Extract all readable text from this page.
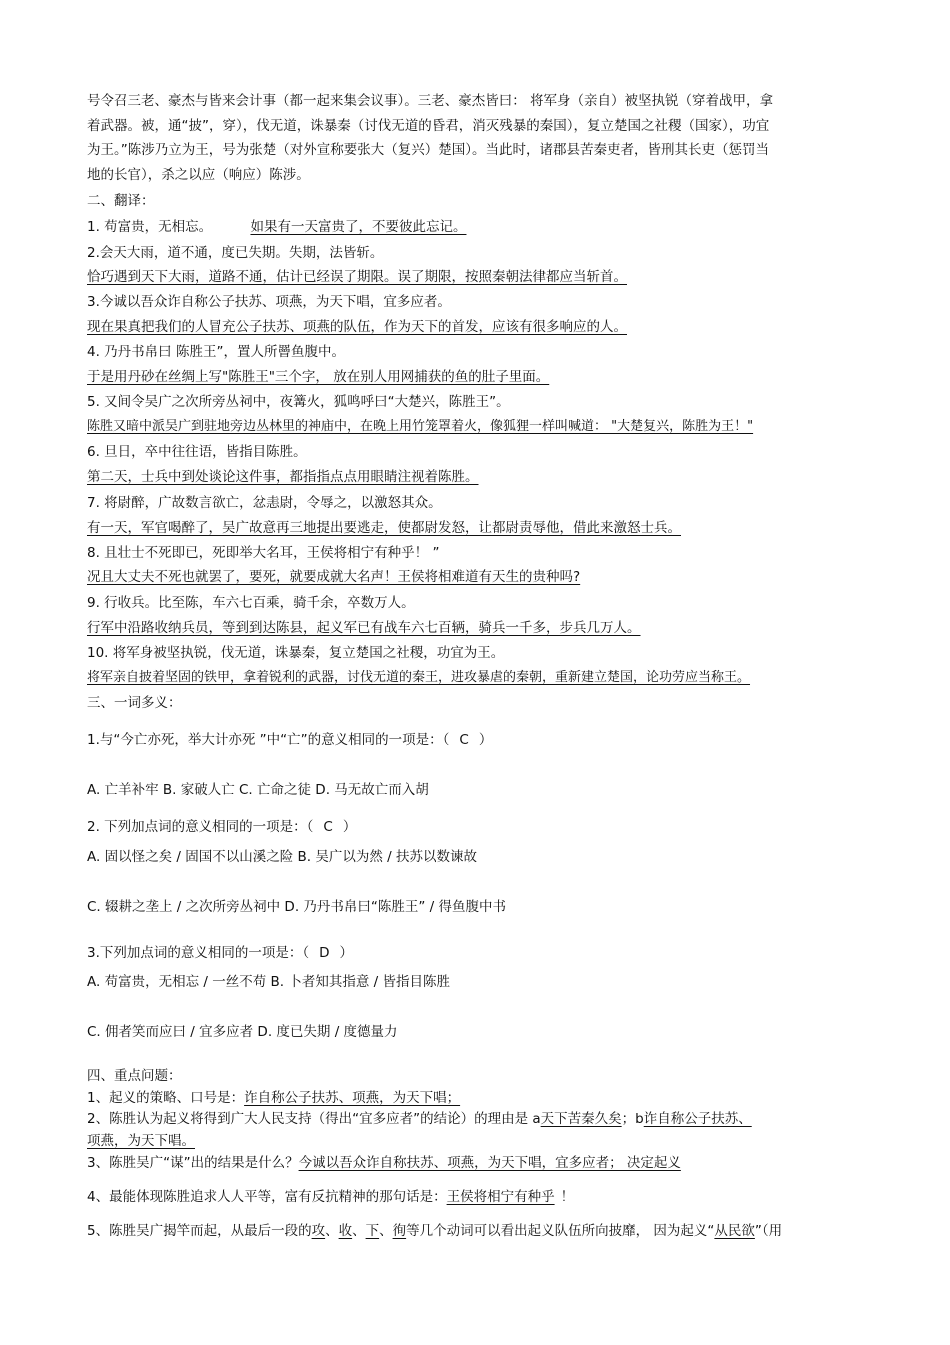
号令召三老、豪杰与皆来会计事（都一起来集会议事）。三老、豪杰皆曰： 将军身（亲自）被坚执锐（穿着战甲，拿
着武器。被，通“披”，穿），伐无道，诛暴秦（讨伐无道的昏君，消灭残暴的秦国），复立楚国之社稷（国家），功宜
为王。”陈涉乃立为王，号为张楚（对外宣称要张大（复兴）楚国）。当此时，诸郡县苦秦吏者，皆刑其长吏（惩罚当
地的长官），杀之以应（响应）陈涉。
二、翻译：
1. 苟富贵，无相忘。	如果有一天富贵了，不要彼此忘记。
2.会天大雨，道不通，度已失期。失期，法皆斩。
恰巧遇到天下大雨，道路不通，估计已经误了期限。误了期限，按照秦朝法律都应当斩首。
3.今诚以吾众诈自称公子扶苏、项燕，为天下唱，宜多应者。
现在果真把我们的人冒充公子扶苏、项燕的队伍，作为天下的首发，应该有很多响应的人。
4. 乃丹书帛曰 陈胜王”，置人所罾鱼腹中。
于是用丹砂在丝绸上写"陈胜王"三个字， 放在别人用网捕获的鱼的肚子里面。
5. 又间令吴广之次所旁丛祠中，夜篝火，狐鸣呼曰“大楚兴，陈胜王”。
陈胜又暗中派吴广到驻地旁边丛林里的神庙中，在晚上用竹笼罩着火，像狐狸一样叫喊道： "大楚复兴，陈胜为王！"
6. 旦日，卒中往往语，皆指目陈胜。
第二天，士兵中到处谈论这件事，都指指点点用眼睛注视着陈胜。
7. 将尉醉，广故数言欲亡，忿恚尉，令辱之，以激怒其众。
有一天，军官喝醉了，吴广故意再三地提出要逃走，使都尉发怒，让都尉责辱他，借此来激怒士兵。
8. 且壮士不死即已，死即举大名耳，王侯将相宁有种乎！ ”
况且大丈夫不死也就罢了，要死，就要成就大名声！王侯将相难道有天生的贵种吗?
9. 行收兵。比至陈，车六七百乘，骑千余，卒数万人。
行军中沿路收纳兵员，等到到达陈县，起义军已有战车六七百辆，骑兵一千多，步兵几万人。
10. 将军身被坚执锐，伐无道，诛暴秦，复立楚国之社稷，功宜为王。
将军亲自披着坚固的铁甲，拿着锐利的武器，讨伐无道的秦王，进攻暴虐的秦朝，重新建立楚国，论功劳应当称王。
三、一词多义：
1.与“今亡亦死，举大计亦死 ”中“亡”的意义相同的一项是：（ C ）
A. 亡羊补牢 B. 家破人亡 C. 亡命之徒 D. 马无故亡而入胡
2. 下列加点词的意义相同的一项是：（ C ）
A. 固以怪之矣 / 固国不以山溪之险 B. 吴广以为然 / 扶苏以数谏故
C. 辍耕之垄上 / 之次所旁丛祠中 D. 乃丹书帛曰“陈胜王” / 得鱼腹中书
3.下列加点词的意义相同的一项是：（ D ）
A. 苟富贵，无相忘 / 一丝不苟 B. 卜者知其指意 / 皆指目陈胜
C. 佣者笑而应曰 / 宜多应者 D. 度已失期 / 度德量力
四、重点问题：
1、起义的策略、口号是：诈自称公子扶苏、项燕，为天下唱；
2、陈胜认为起义将得到广大人民支持（得出“宜多应者”的结论）的理由是 a天下苦秦久矣；b诈自称公子扶苏、
项燕，为天下唱。
3、陈胜吴广“谋”出的结果是什么？今诚以吾众诈自称扶苏、项燕，为天下唱，宜多应者； 决定起义
4、最能体现陈胜追求人人平等，富有反抗精神的那句话是：王侯将相宁有种乎 ！
5、陈胜吴广揭竿而起，从最后一段的攻、收、下、徇等几个动词可以看出起义队伍所向披靡， 因为起义“从民欲”（用
